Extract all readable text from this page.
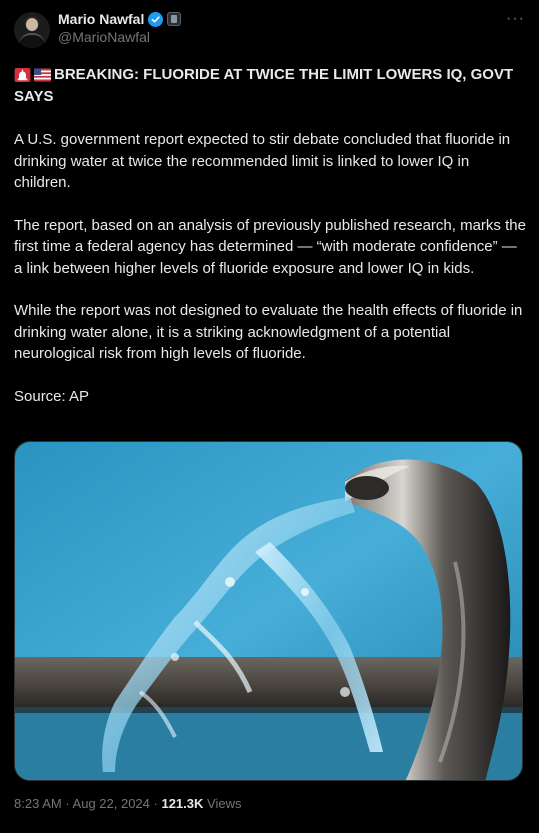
Mario Nawfal
@MarioNawfal
···
BREAKING: FLUORIDE AT TWICE THE LIMIT LOWERS IQ, GOVT SAYS
A U.S. government report expected to stir debate concluded that fluoride in drinking water at twice the recommended limit is linked to lower IQ in children.
The report, based on an analysis of previously published research, marks the first time a federal agency has determined — “with moderate confidence” — a link between higher levels of fluoride exposure and lower IQ in kids.
While the report was not designed to evaluate the health effects of fluoride in drinking water alone, it is a striking acknowledgment of a potential neurological risk from high levels of fluoride.
Source: AP
8:23 AM · Aug 22, 2024 · 121.3K Views
